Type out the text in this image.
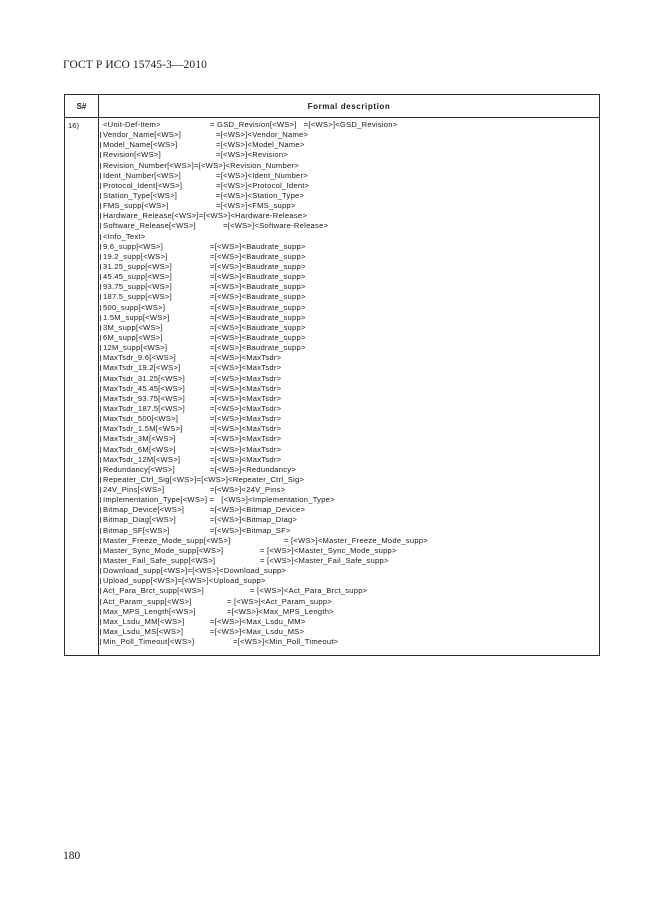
ГОСТ Р ИСО 15745-3—2010
S#	Formal description
16)	<Unit-Def-Item>	= GSD_Revision[<WS>]   =[<WS>]<GSD_Revision>
Vendor_Name[<WS>]	=[<WS>]<Vendor_Name>
Model_Name[<WS>]	=[<WS>]<Model_Name>
Revision[<WS>]	=[<WS>]<Revision>
Revision_Number[<WS>]=[<WS>]<Revision_Number>
Ident_Number[<WS>]	=[<WS>]<Ident_Number>
Protocol_Ident[<WS>]	=[<WS>]<Protocol_Ident>
Station_Type[<WS>]	=[<WS>]<Station_Type>
FMS_supp[<WS>]	=[<WS>]<FMS_supp>
Hardware_Release[<WS>]=[<WS>]<Hardware-Release>
Software_Release[<WS>]	=[<WS>]<Software-Release>
<Info_Text>
9.6_supp[<WS>]	=[<WS>]<Baudrate_supp>
19.2_supp[<WS>]	=[<WS>]<Baudrate_supp>
31.25_supp[<WS>]	=[<WS>]<Baudrate_supp>
45.45_supp[<WS>]	=[<WS>]<Baudrate_supp>
93.75_supp[<WS>]	=[<WS>]<Baudrate_supp>
187.5_supp[<WS>]	=[<WS>]<Baudrate_supp>
500_supp[<WS>]	=[<WS>]<Baudrate_supp>
1.5M_supp[<WS>]	=[<WS>]<Baudrate_supp>
3M_supp[<WS>]	=[<WS>]<Baudrate_supp>
6M_supp[<WS>]	=[<WS>]<Baudrate_supp>
12M_supp[<WS>]	=[<WS>]<Baudrate_supp>
MaxTsdr_9.6[<WS>]	=[<WS>]<MaxTsdr>
MaxTsdr_19.2[<WS>]	=[<WS>]<MaxTsdr>
MaxTsdr_31.25[<WS>]	=[<WS>]<MaxTsdr>
MaxTsdr_45.45[<WS>]	=[<WS>]<MaxTsdr>
MaxTsdr_93.75[<WS>]	=[<WS>]<MaxTsdr>
MaxTsdr_187.5[<WS>]	=[<WS>]<MaxTsdr>
MaxTsdr_500[<WS>]	=[<WS>]<MaxTsdr>
MaxTsdr_1.5M[<WS>]	=[<WS>]<MaxTsdr>
MaxTsdr_3M[<WS>]	=[<WS>]<MaxTsdr>
MaxTsdr_6M[<WS>]	=[<WS>]<MaxTsdr>
MaxTsdr_12M[<WS>]	=[<WS>]<MaxTsdr>
Redundancy[<WS>]	=[<WS>]<Redundancy>
Repeater_Ctrl_Sig[<WS>]=[<WS>]<Repeater_Ctrl_Sig>
24V_Pins[<WS>]	=[<WS>]<24V_Pins>
Implementation_Type[<WS>] =   [<WS>]<Implementation_Type>
Bitmap_Device[<WS>]	=[<WS>]<Bitmap_Device>
Bitmap_Diag[<WS>]	=[<WS>]<Bitmap_Diag>
Bitmap_SF[<WS>]	=[<WS>]<Bitmap_SF>
Master_Freeze_Mode_supp[<WS>]	= [<WS>]<Master_Freeze_Mode_supp>
Master_Sync_Mode_supp[<WS>]	= [<WS>]<Master_Sync_Mode_supp>
Master_Fail_Safe_supp[<WS>]	= [<WS>]<Master_Fail_Safe_supp>
Download_supp[<WS>]=[<WS>]<Download_supp>
Upload_supp[<WS>]=[<WS>]<Upload_supp>
Act_Para_Brct_supp[<WS>]	= [<WS>]<Act_Para_Brct_supp>
Act_Param_supp[<WS>]	= [<WS>]<Act_Param_supp>
Max_MPS_Length[<WS>]	=[<WS>]<Max_MPS_Length>
Max_Lsdu_MM[<WS>]	=[<WS>]<Max_Lsdu_MM>
Max_Lsdu_MS[<WS>]	=[<WS>]<Max_Lsdu_MS>
Min_Poll_Timeout[<WS>]	=[<WS>]<Min_Poll_Timeout>
180
